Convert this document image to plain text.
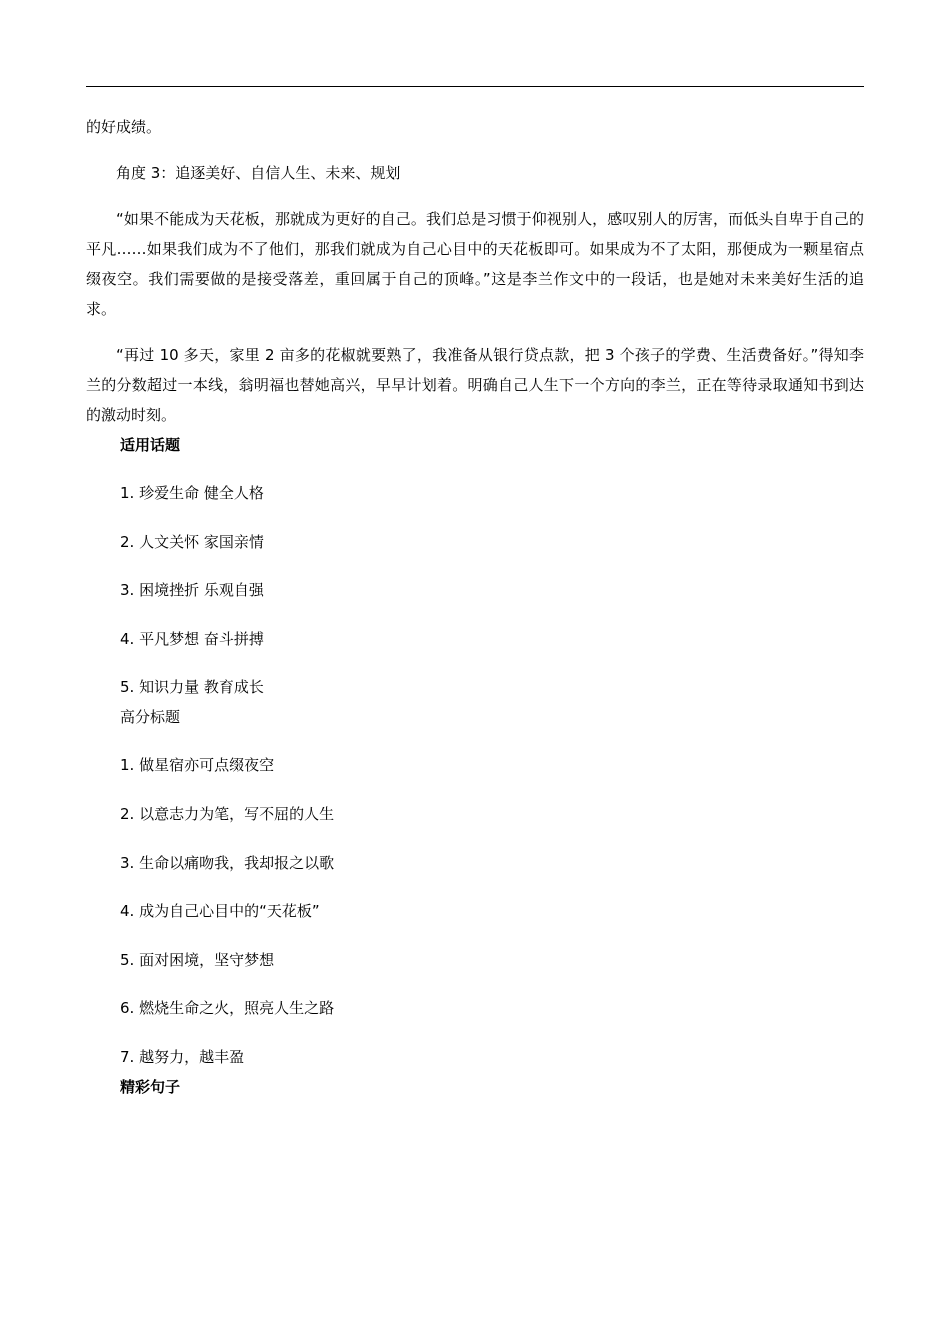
的好成绩。

角度 3：追逐美好、自信人生、未来、规划

“如果不能成为天花板，那就成为更好的自己。我们总是习惯于仰视别人，感叹别人的厉害，而低头自卑于自己的平凡……如果我们成为不了他们，那我们就成为自己心目中的天花板即可。如果成为不了太阳，那便成为一颗星宿点缀夜空。我们需要做的是接受落差，重回属于自己的顶峰。”这是李兰作文中的一段话，也是她对未来美好生活的追求。

“再过 10 多天，家里 2 亩多的花椒就要熟了，我准备从银行贷点款，把 3 个孩子的学费、生活费备好。”得知李兰的分数超过一本线，翁明福也替她高兴，早早计划着。明确自己人生下一个方向的李兰，正在等待录取通知书到达的激动时刻。

适用话题

1. 珍爱生命 健全人格

2. 人文关怀 家国亲情

3. 困境挫折 乐观自强

4. 平凡梦想 奋斗拼搏

5. 知识力量 教育成长

高分标题

1. 做星宿亦可点缀夜空

2. 以意志力为笔，写不屈的人生

3. 生命以痛吻我，我却报之以歌

4. 成为自己心目中的“天花板”

5. 面对困境，坚守梦想

6. 燃烧生命之火，照亮人生之路

7. 越努力，越丰盈

精彩句子
